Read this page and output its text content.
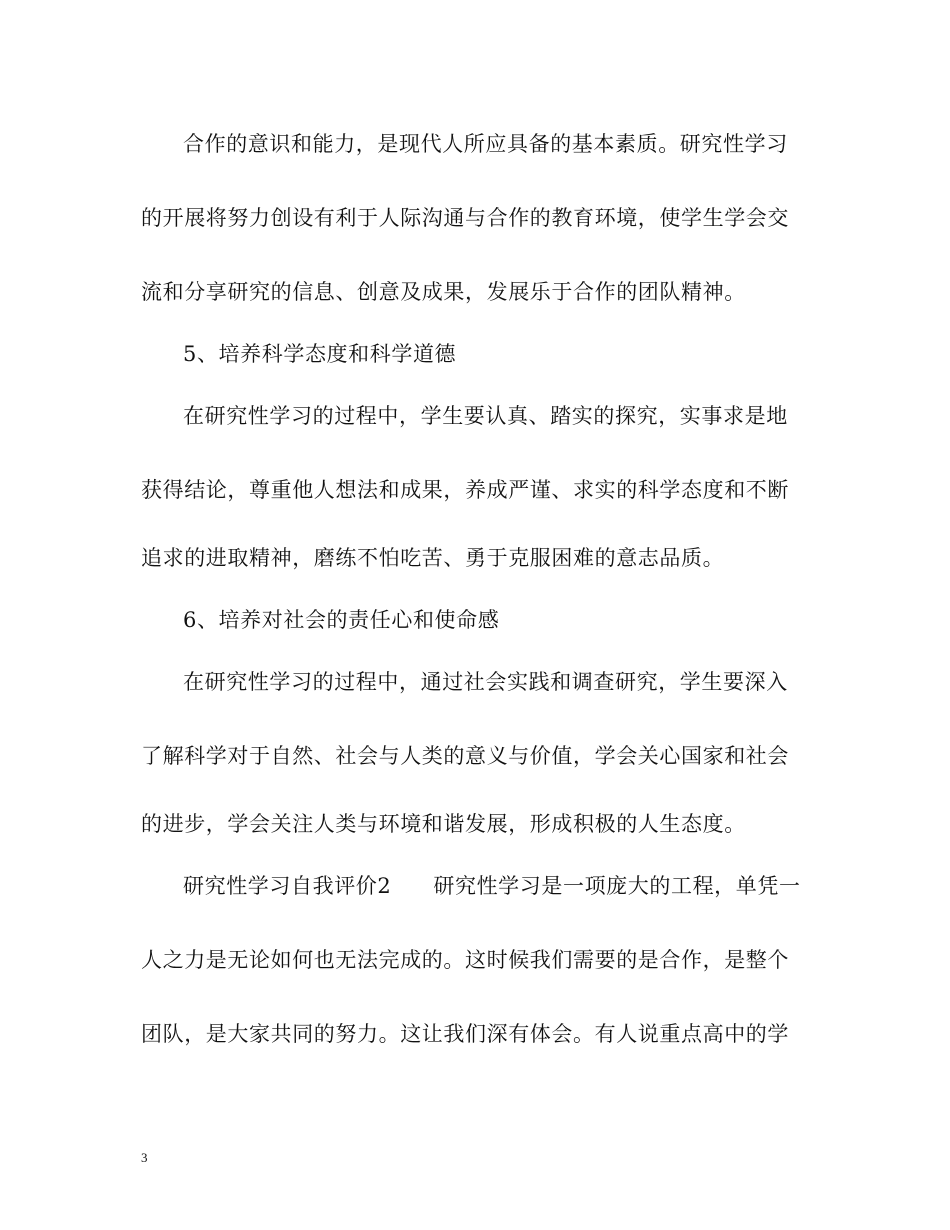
合作的意识和能力，是现代人所应具备的基本素质。研究性学习
的开展将努力创设有利于人际沟通与合作的教育环境，使学生学会交
流和分享研究的信息、创意及成果，发展乐于合作的团队精神。
5、培养科学态度和科学道德
在研究性学习的过程中，学生要认真、踏实的探究，实事求是地
获得结论，尊重他人想法和成果，养成严谨、求实的科学态度和不断
追求的进取精神，磨练不怕吃苦、勇于克服困难的意志品质。
6、培养对社会的责任心和使命感
在研究性学习的过程中，通过社会实践和调查研究，学生要深入
了解科学对于自然、社会与人类的意义与价值，学会关心国家和社会
的进步，学会关注人类与环境和谐发展，形成积极的人生态度。
研究性学习自我评价2 研究性学习是一项庞大的工程，单凭一
人之力是无论如何也无法完成的。这时候我们需要的是合作，是整个
团队，是大家共同的努力。这让我们深有体会。有人说重点高中的学
3
